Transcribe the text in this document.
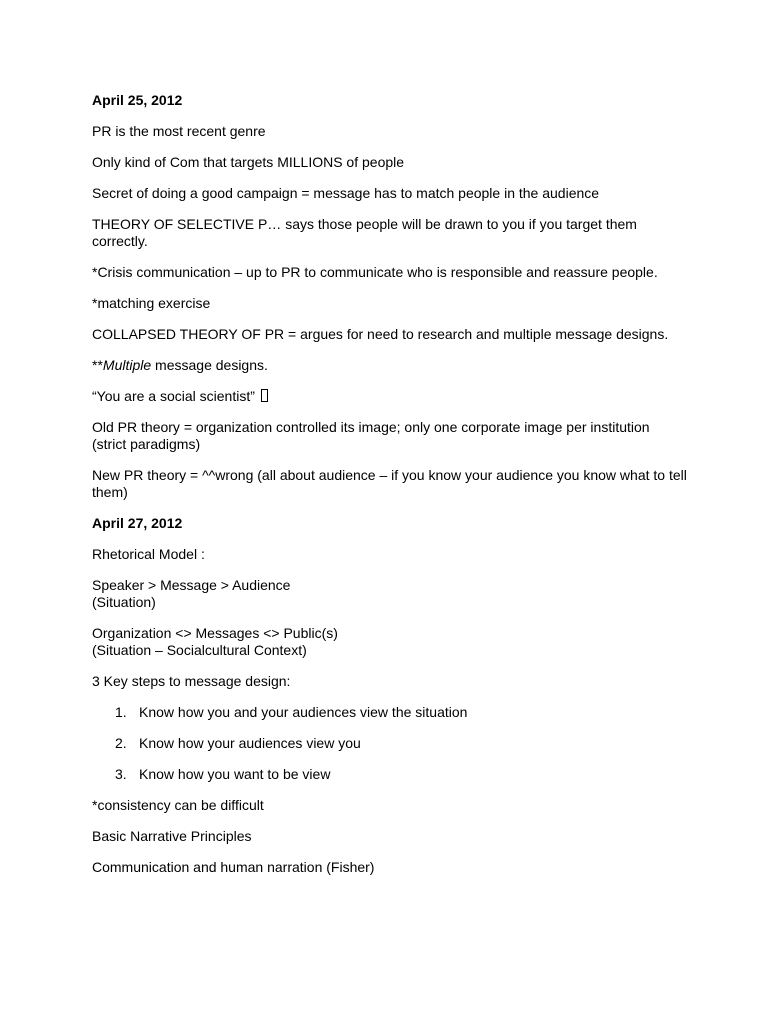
April 25, 2012

PR is the most recent genre

Only kind of Com that targets MILLIONS of people

Secret of doing a good campaign = message has to match people in the audience

THEORY OF SELECTIVE P… says those people will be drawn to you if you target them
correctly.

*Crisis communication – up to PR to communicate who is responsible and reassure people.

*matching exercise

COLLAPSED THEORY OF PR = argues for need to research and multiple message designs.

**Multiple message designs.

“You are a social scientist”

Old PR theory = organization controlled its image; only one corporate image per institution
(strict paradigms)

New PR theory = ^^wrong (all about audience – if you know your audience you know what to tell
them)

April 27, 2012

Rhetorical Model :

Speaker > Message > Audience
(Situation)

Organization <> Messages <> Public(s)
(Situation – Socialcultural Context)

3 Key steps to message design:

1. Know how you and your audiences view the situation
2. Know how your audiences view you
3. Know how you want to be view

*consistency can be difficult

Basic Narrative Principles

Communication and human narration (Fisher)
